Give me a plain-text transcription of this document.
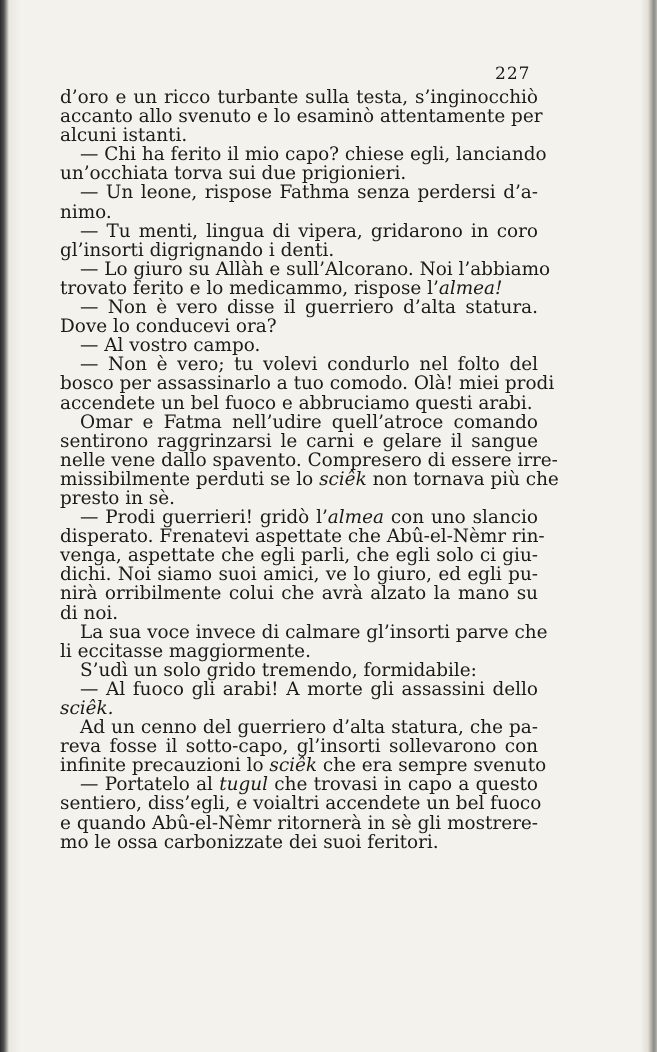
227
d’oro e un ricco turbante sulla testa, s’inginocchiò
accanto allo svenuto e lo esaminò attentamente per
alcuni istanti.
— Chi ha ferito il mio capo? chiese egli, lanciando
un’occhiata torva sui due prigionieri.
— Un leone, rispose Fathma senza perdersi d’a-
nimo.
— Tu menti, lingua di vipera, gridarono in coro
gl’insorti digrignando i denti.
— Lo giuro su Allàh e sull’Alcorano. Noi l’abbiamo
trovato ferito e lo medicammo, rispose l’almea!
— Non è vero disse il guerriero d’alta statura.
Dove lo conducevi ora?
— Al vostro campo.
— Non è vero; tu volevi condurlo nel folto del
bosco per assassinarlo a tuo comodo. Olà! miei prodi
accendete un bel fuoco e abbruciamo questi arabi.
Omar e Fatma nell’udire quell’atroce comando
sentirono raggrinzarsi le carni e gelare il sangue
nelle vene dallo spavento. Compresero di essere irre-
missibilmente perduti se lo sciêk non tornava più che
presto in sè.
— Prodi guerrieri! gridò l’almea con uno slancio
disperato. Frenatevi aspettate che Abû-el-Nèmr rin-
venga, aspettate che egli parli, che egli solo ci giu-
dichi. Noi siamo suoi amici, ve lo giuro, ed egli pu-
nirà orribilmente colui che avrà alzato la mano su
di noi.
La sua voce invece di calmare gl’insorti parve che
li eccitasse maggiormente.
S’udì un solo grido tremendo, formidabile:
— Al fuoco gli arabi! A morte gli assassini dello
sciêk.
Ad un cenno del guerriero d’alta statura, che pa-
reva fosse il sotto-capo, gl’insorti sollevarono con
infinite precauzioni lo sciêk che era sempre svenuto
— Portatelo al tugul che trovasi in capo a questo
sentiero, diss’egli, e voialtri accendete un bel fuoco
e quando Abû-el-Nèmr ritornerà in sè gli mostrere-
mo le ossa carbonizzate dei suoi feritori.
